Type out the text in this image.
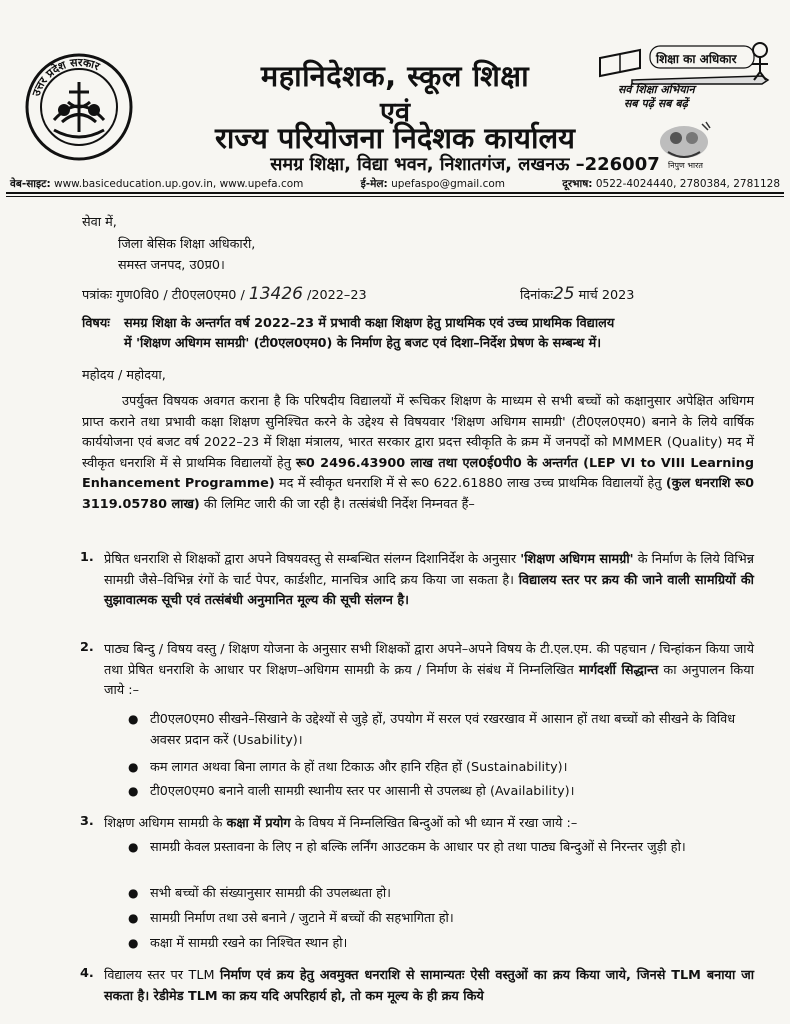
उत्तर प्रदेश सरकार	महानिदेशक, स्कूल शिक्षा
एवं
राज्य परियोजना निदेशक कार्यालय
समग्र शिक्षा, विद्या भवन, निशातगंज, लखनऊ –226007
शिक्षा का अधिकार
सर्व शिक्षा अभियान
सब पढ़ें सब बढ़ें
निपुण भारत
वेब-साइट: www.basiceducation.up.gov.in, www.upefa.com	ई-मेल: upefaspo@gmail.com	दूरभाष: 0522-4024440, 2780384, 2781128
सेवा में,
जिला बेसिक शिक्षा अधिकारी,
समस्त जनपद, उ0प्र0।
पत्रांकः गुण0वि0 / टी0एल0एम0 / 13426 /2022–23	दिनांकः25 मार्च 2023
विषयः समग्र शिक्षा के अन्तर्गत वर्ष 2022–23 में प्रभावी कक्षा शिक्षण हेतु प्राथमिक एवं उच्च प्राथमिक विद्यालय
में 'शिक्षण अधिगम सामग्री' (टी0एल0एम0) के निर्माण हेतु बजट एवं दिशा–निर्देश प्रेषण के सम्बन्ध में।
महोदय / महोदया,
उपर्युक्त विषयक अवगत कराना है कि परिषदीय विद्यालयों में रूचिकर शिक्षण के माध्यम से सभी बच्चों को कक्षानुसार अपेक्षित अधिगम प्राप्त कराने तथा प्रभावी कक्षा शिक्षण सुनिश्चित करने के उद्देश्य से विषयवार 'शिक्षण अधिगम सामग्री' (टी0एल0एम0) बनाने के लिये वार्षिक कार्ययोजना एवं बजट वर्ष 2022–23 में शिक्षा मंत्रालय, भारत सरकार द्वारा प्रदत्त स्वीकृति के क्रम में जनपदों को MMMER (Quality) मद में स्वीकृत धनराशि में से प्राथमिक विद्यालयों हेतु रू0 2496.43900 लाख तथा एल0ई0पी0 के अन्तर्गत (LEP VI to VIII Learning Enhancement Programme) मद में स्वीकृत धनराशि में से रू0 622.61880 लाख उच्च प्राथमिक विद्यालयों हेतु (कुल धनराशि रू0 3119.05780 लाख) की लिमिट जारी की जा रही है। तत्संबंधी निर्देश निम्नवत हैं–
1. प्रेषित धनराशि से शिक्षकों द्वारा अपने विषयवस्तु से सम्बन्धित संलग्न दिशानिर्देश के अनुसार 'शिक्षण अधिगम सामग्री' के निर्माण के लिये विभिन्न सामग्री जैसे–विभिन्न रंगों के चार्ट पेपर, कार्डशीट, मानचित्र आदि क्रय किया जा सकता है। विद्यालय स्तर पर क्रय की जाने वाली सामग्रियों की सुझावात्मक सूची एवं तत्संबंधी अनुमानित मूल्य की सूची संलग्न है।
2. पाठ्य बिन्दु / विषय वस्तु / शिक्षण योजना के अनुसार सभी शिक्षकों द्वारा अपने–अपने विषय के टी.एल.एम. की पहचान / चिन्हांकन किया जाये तथा प्रेषित धनराशि के आधार पर शिक्षण–अधिगम सामग्री के क्रय / निर्माण के संबंध में निम्नलिखित मार्गदर्शी सिद्धान्त का अनुपालन किया जाये :–
● टी0एल0एम0 सीखने–सिखाने के उद्देश्यों से जुड़े हों, उपयोग में सरल एवं रखरखाव में आसान हों तथा बच्चों को सीखने के विविध अवसर प्रदान करें (Usability)।
● कम लागत अथवा बिना लागत के हों तथा टिकाऊ और हानि रहित हों (Sustainability)।
● टी0एल0एम0 बनाने वाली सामग्री स्थानीय स्तर पर आसानी से उपलब्ध हो (Availability)।
3. शिक्षण अधिगम सामग्री के कक्षा में प्रयोग के विषय में निम्नलिखित बिन्दुओं को भी ध्यान में रखा जाये :–
● सामग्री केवल प्रस्तावना के लिए न हो बल्कि लर्निंग आउटकम के आधार पर हो तथा पाठ्य बिन्दुओं से निरन्तर जुड़ी हो।
● सभी बच्चों की संख्यानुसार सामग्री की उपलब्धता हो।
● सामग्री निर्माण तथा उसे बनाने / जुटाने में बच्चों की सहभागिता हो।
● कक्षा में सामग्री रखने का निश्चित स्थान हो।
4. विद्यालय स्तर पर TLM निर्माण एवं क्रय हेतु अवमुक्त धनराशि से सामान्यतः ऐसी वस्तुओं का क्रय किया जाये, जिनसे TLM बनाया जा सकता है। रेडीमेड TLM का क्रय यदि अपरिहार्य हो, तो कम मूल्य के ही क्रय किये
